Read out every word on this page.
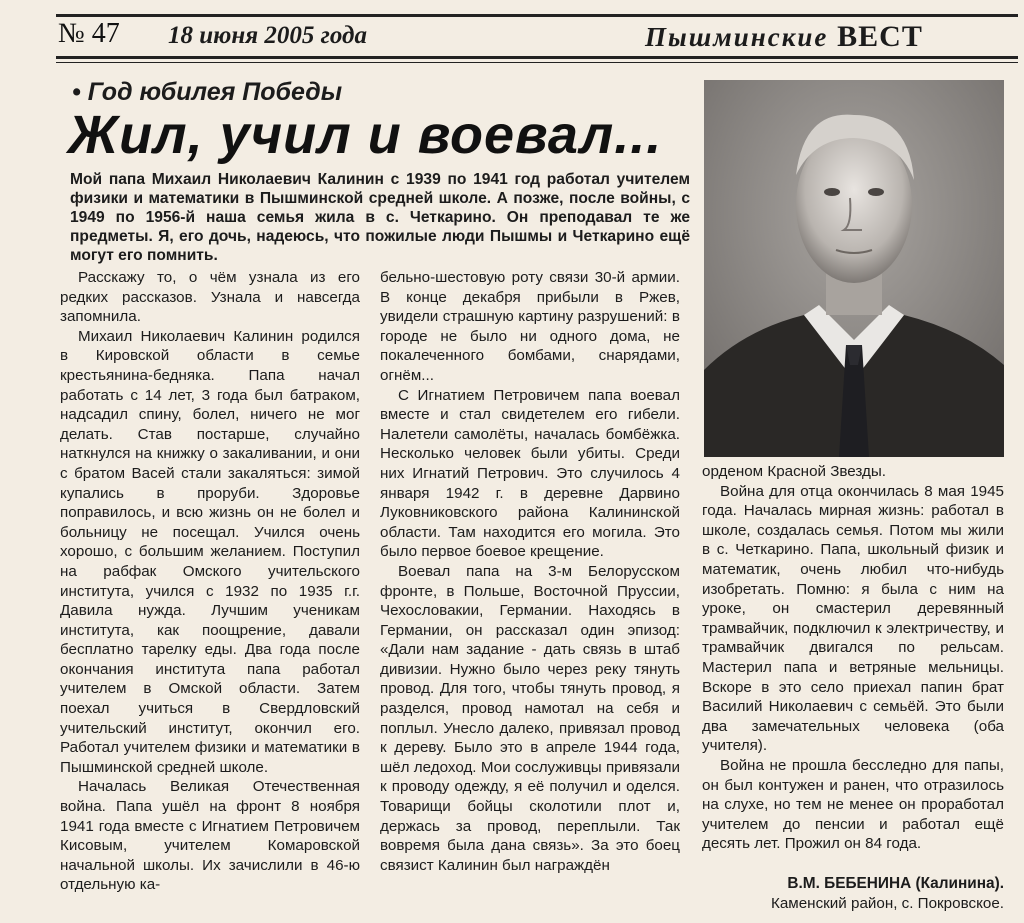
№ 47 18 июня 2005 года	Пышминские ВЕСТ
• Год юбилея Победы
Жил, учил и воевал...
Мой папа Михаил Николаевич Калинин с 1939 по 1941 год работал учителем физики и математики в Пышминской средней школе. А позже, после войны, с 1949 по 1956-й наша семья жила в с. Четкарино. Он преподавал те же предметы. Я, его дочь, надеюсь, что пожилые люди Пышмы и Четкарино ещё могут его помнить.

Расскажу то, о чём узнала из его редких рассказов. Узнала и навсегда запомнила.

Михаил Николаевич Калинин родился в Кировской области в семье крестьянина-бедняка. Папа начал работать с 14 лет, 3 года был батраком, надсадил спину, болел, ничего не мог делать. Став постарше, случайно наткнулся на книжку о закаливании, и они с братом Васей стали закаляться: зимой купались в проруби. Здоровье поправилось, и всю жизнь он не болел и больницу не посещал. Учился очень хорошо, с большим желанием. Поступил на рабфак Омского учительского института, учился с 1932 по 1935 г.г. Давила нужда. Лучшим ученикам института, как поощрение, давали бесплатно тарелку еды. Два года после окончания института папа работал учителем в Омской области. Затем поехал учиться в Свердловский учительский институт, окончил его. Работал учителем физики и математики в Пышминской средней школе.

Началась Великая Отечественная война. Папа ушёл на фронт 8 ноября 1941 года вместе с Игнатием Петровичем Кисовым, учителем Комаровской начальной школы. Их зачислили в 46-ю отдельную ка-

бельно-шестовую роту связи 30-й армии. В конце декабря прибыли в Ржев, увидели страшную картину разрушений: в городе не было ни одного дома, не покалеченного бомбами, снарядами, огнём...

С Игнатием Петровичем папа воевал вместе и стал свидетелем его гибели. Налетели самолёты, началась бомбёжка. Несколько человек были убиты. Среди них Игнатий Петрович. Это случилось 4 января 1942 г. в деревне Дарвино Луковниковского района Калининской области. Там находится его могила. Это было первое боевое крещение.

Воевал папа на 3-м Белорусском фронте, в Польше, Восточной Пруссии, Чехословакии, Германии. Находясь в Германии, он рассказал один эпизод: «Дали нам задание - дать связь в штаб дивизии. Нужно было через реку тянуть провод. Для того, чтобы тянуть провод, я разделся, провод намотал на себя и поплыл. Унесло далеко, привязал провод к дереву. Было это в апреле 1944 года, шёл ледоход. Мои сослуживцы привязали к проводу одежду, я её получил и оделся. Товарищи бойцы сколотили плот и, держась за провод, переплыли. Так вовремя была дана связь». За это боец связист Калинин был награждён

орденом Красной Звезды.

Война для отца окончилась 8 мая 1945 года. Началась мирная жизнь: работал в школе, создалась семья. Потом мы жили в с. Четкарино. Папа, школьный физик и математик, очень любил что-нибудь изобретать. Помню: я была с ним на уроке, он смастерил деревянный трамвайчик, подключил к электричеству, и трамвайчик двигался по рельсам. Мастерил папа и ветряные мельницы. Вскоре в это село приехал папин брат Василий Николаевич с семьёй. Это были два замечательных человека (оба учителя).

Война не прошла бесследно для папы, он был контужен и ранен, что отразилось на слухе, но тем не менее он проработал учителем до пенсии и работал ещё десять лет. Прожил он 84 года.

В.М. БЕБЕНИНА (Калинина).
Каменский район, с. Покровское.
